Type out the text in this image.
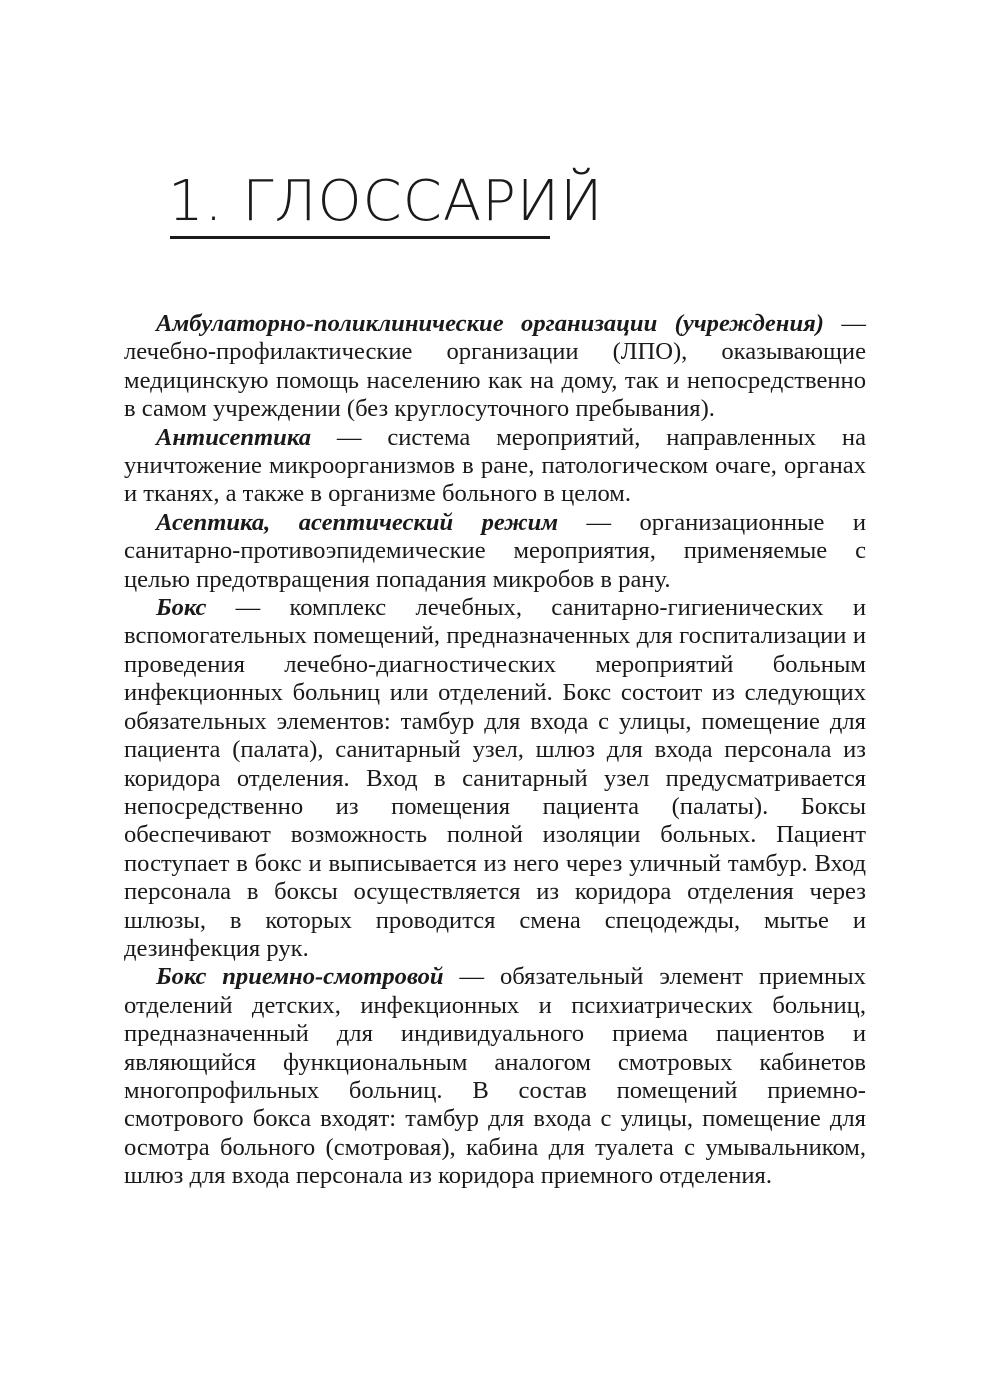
1. ГЛОССАРИЙ

Амбулаторно-поликлинические организации (учреждения) — лечебно-профилактические организации (ЛПО), оказывающие медицинскую помощь населению как на дому, так и непосредственно в самом учреждении (без круглосуточного пребывания).

Антисептика — система мероприятий, направленных на уничтожение микроорганизмов в ране, патологическом очаге, органах и тканях, а также в организме больного в целом.

Асептика, асептический режим — организационные и санитарно-противоэпидемические мероприятия, применяемые с целью предотвращения попадания микробов в рану.

Бокс — комплекс лечебных, санитарно-гигиенических и вспомогательных помещений, предназначенных для госпитализации и проведения лечебно-диагностических мероприятий больным инфекционных больниц или отделений. Бокс состоит из следующих обязательных элементов: тамбур для входа с улицы, помещение для пациента (палата), санитарный узел, шлюз для входа персонала из коридора отделения. Вход в санитарный узел предусматривается непосредственно из помещения пациента (палаты). Боксы обеспечивают возможность полной изоляции больных. Пациент поступает в бокс и выписывается из него через уличный тамбур. Вход персонала в боксы осуществляется из коридора отделения через шлюзы, в которых проводится смена спецодежды, мытье и дезинфекция рук.

Бокс приемно-смотровой — обязательный элемент приемных отделений детских, инфекционных и психиатрических больниц, предназначенный для индивидуального приема пациентов и являющийся функциональным аналогом смотровых кабинетов многопрофильных больниц. В состав помещений приемно-смотрового бокса входят: тамбур для входа с улицы, помещение для осмотра больного (смотровая), кабина для туалета с умывальником, шлюз для входа персонала из коридора приемного отделения.
